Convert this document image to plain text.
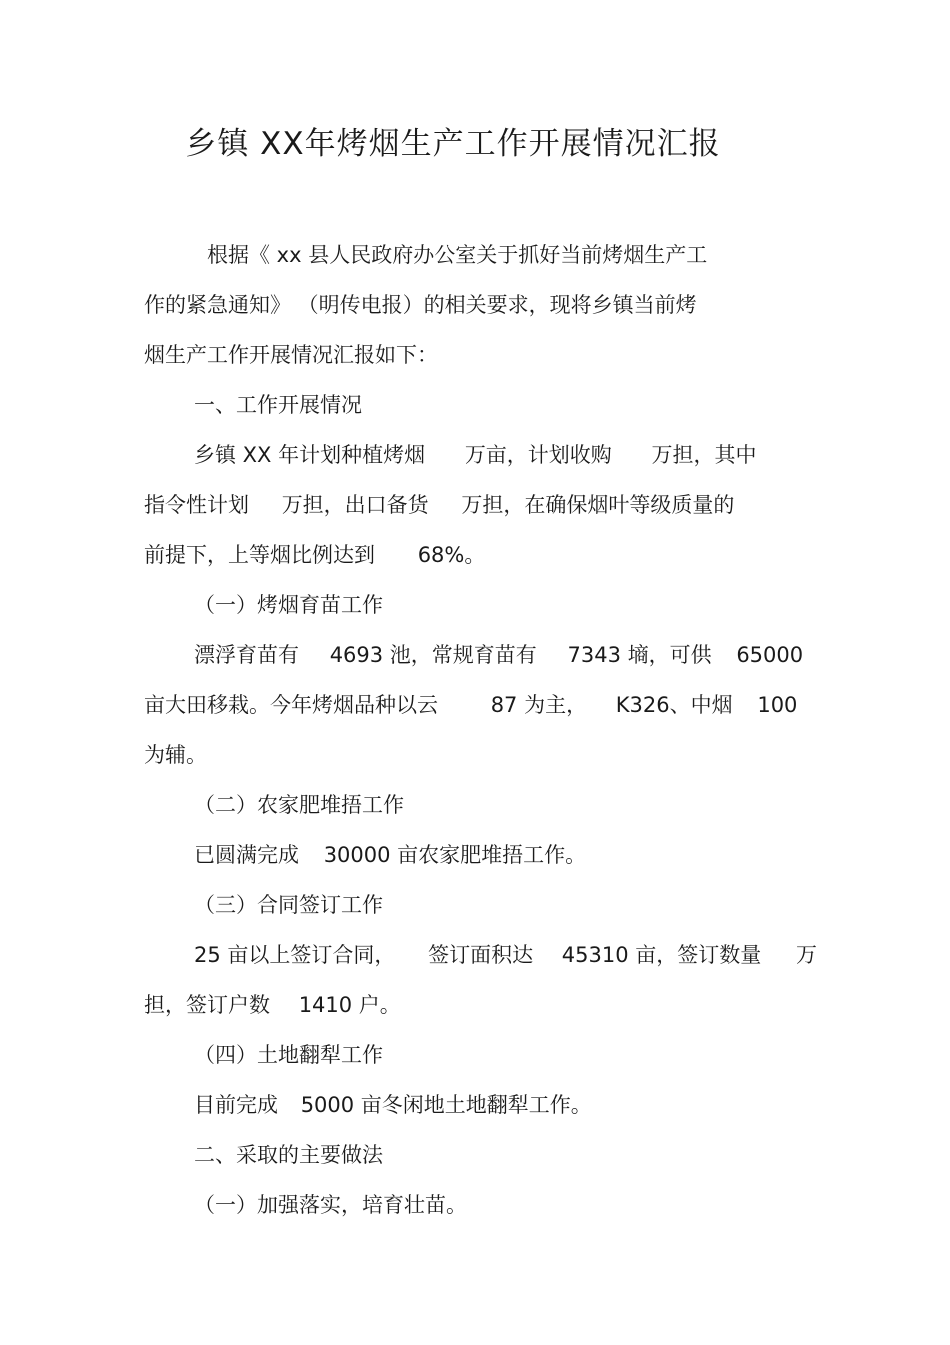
乡镇 XX年烤烟生产工作开展情况汇报
根据《 xx 县人民政府办公室关于抓好当前烤烟生产工
作的紧急通知》 （明传电报）的相关要求，现将乡镇当前烤
烟生产工作开展情况汇报如下：
一、工作开展情况
乡镇 XX 年计划种植烤烟 万亩，计划收购 万担，其中
指令性计划 万担，出口备货 万担，在确保烟叶等级质量的
前提下，上等烟比例达到 68%。
（一）烤烟育苗工作
漂浮育苗有 4693 池，常规育苗有 7343 墒，可供 65000
亩大田移栽。今年烤烟品种以云	87 为主， K326、中烟 100
为辅。
（二）农家肥堆捂工作
已圆满完成 30000 亩农家肥堆捂工作。
（三）合同签订工作
25 亩以上签订合同， 签订面积达 45310 亩，签订数量 万
担，签订户数 1410 户。
（四）土地翻犁工作
目前完成 5000 亩冬闲地土地翻犁工作。
二、采取的主要做法
（一）加强落实，培育壮苗。
